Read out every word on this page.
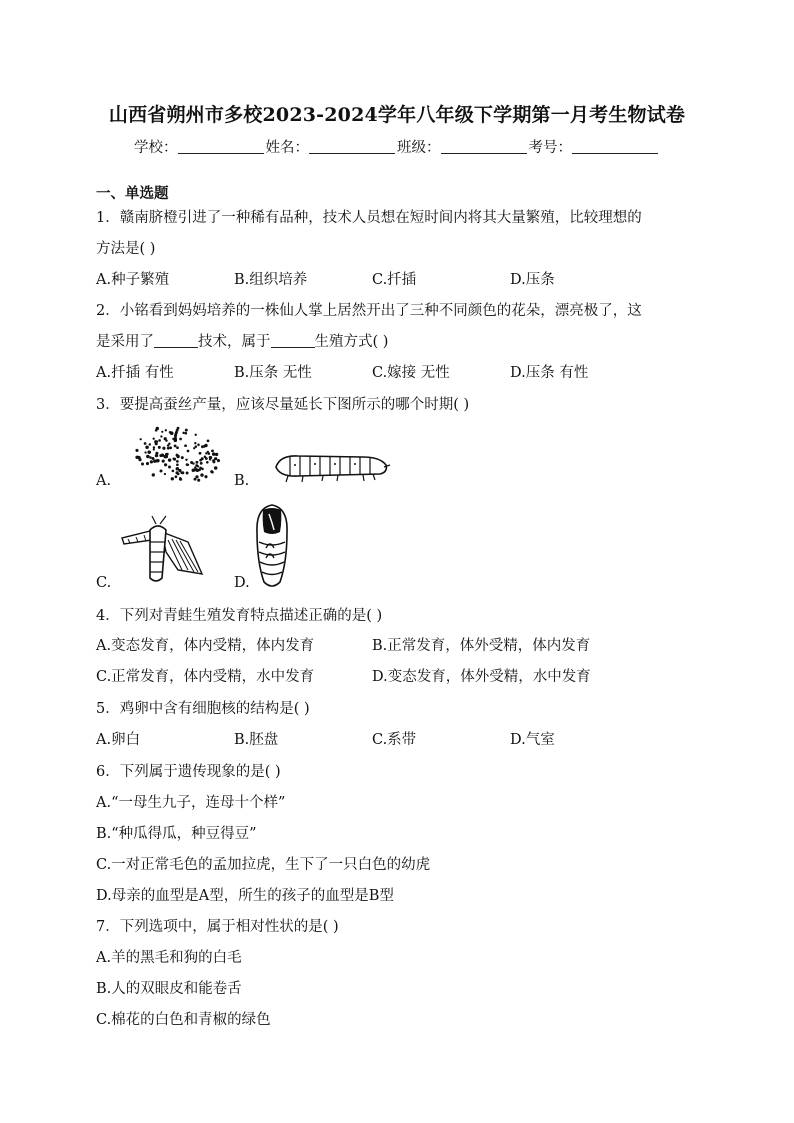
山西省朔州市多校2023-2024学年八年级下学期第一月考生物试卷
学校：	姓名：	班级：	考号：
一、单选题
1．赣南脐橙引进了一种稀有品种，技术人员想在短时间内将其大量繁殖，比较理想的
方法是( )
A.种子繁殖	B.组织培养	C.扦插	D.压条
2．小铭看到妈妈培养的一株仙人掌上居然开出了三种不同颜色的花朵，漂亮极了，这
是采用了	技术，属于	生殖方式( )
A.扦插 有性	B.压条 无性	C.嫁接 无性	D.压条 有性
3．要提高蚕丝产量，应该尽量延长下图所示的哪个时期( )
A.	B.
C.	D.
4．下列对青蛙生殖发育特点描述正确的是( )
A.变态发育，体内受精，体内发育	B.正常发育，体外受精，体内发育
C.正常发育，体内受精，水中发育	D.变态发育，体外受精，水中发育
5．鸡卵中含有细胞核的结构是( )
A.卵白	B.胚盘	C.系带	D.气室
6．下列属于遗传现象的是( )
A.“一母生九子，连母十个样”
B.“种瓜得瓜，种豆得豆”
C.一对正常毛色的孟加拉虎，生下了一只白色的幼虎
D.母亲的血型是A型，所生的孩子的血型是B型
7．下列选项中，属于相对性状的是( )
A.羊的黑毛和狗的白毛
B.人的双眼皮和能卷舌
C.棉花的白色和青椒的绿色
